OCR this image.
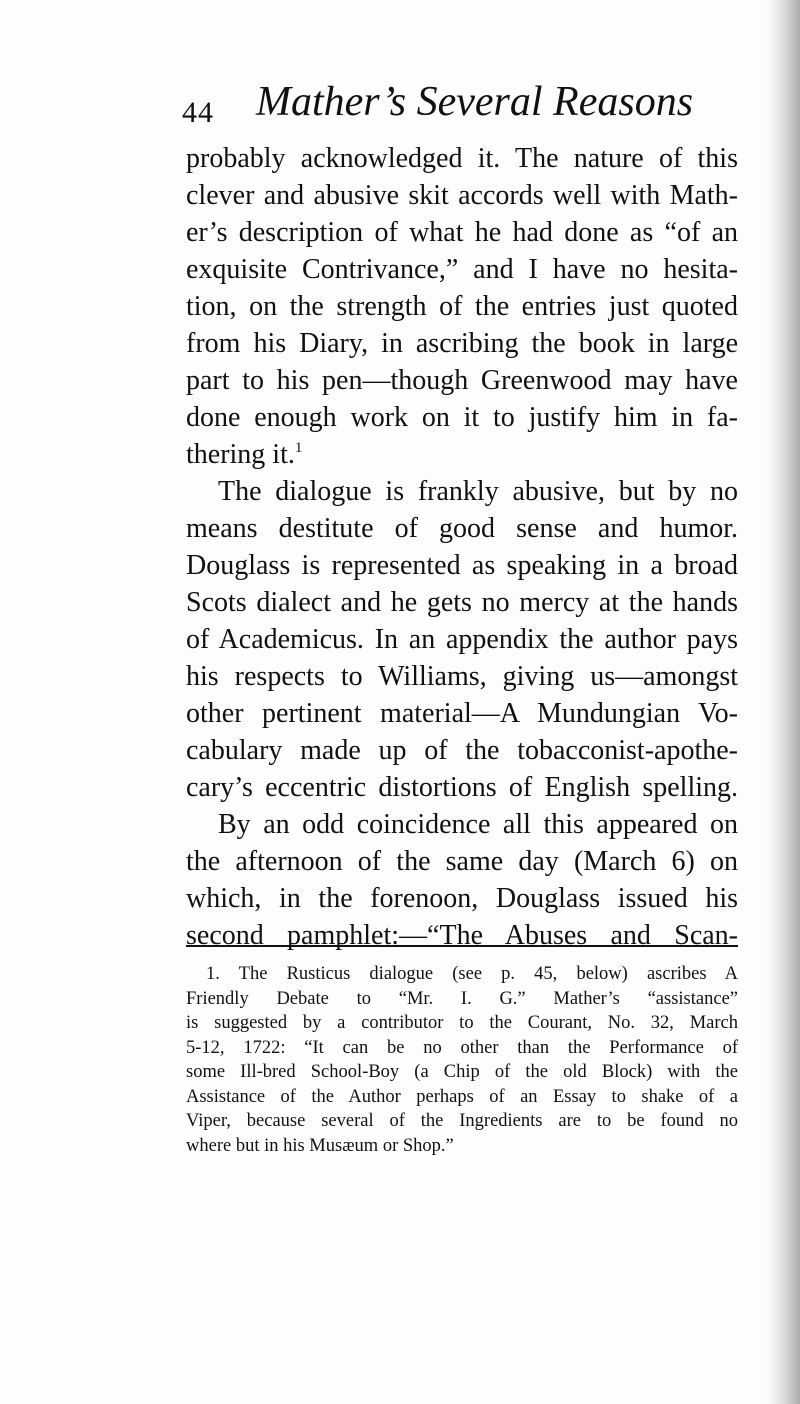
44 Mather’s Several Reasons
probably acknowledged it. The nature of this
clever and abusive skit accords well with Math-
er’s description of what he had done as “of an
exquisite Contrivance,” and I have no hesita-
tion, on the strength of the entries just quoted
from his Diary, in ascribing the book in large
part to his pen—though Greenwood may have
done enough work on it to justify him in fa-
thering it.$^1$
The dialogue is frankly abusive, but by no
means destitute of good sense and humor.
Douglass is represented as speaking in a broad
Scots dialect and he gets no mercy at the hands
of Academicus. In an appendix the author pays
his respects to Williams, giving us—amongst
other pertinent material—A Mundungian Vo-
cabulary made up of the tobacconist-apothe-
cary’s eccentric distortions of English spelling.
By an odd coincidence all this appeared on
the afternoon of the same day (March 6) on
which, in the forenoon, Douglass issued his
second pamphlet:—“The Abuses and Scan-
1. The Rusticus dialogue (see p. 45, below) ascribes A
Friendly Debate to “Mr. I. G.” Mather’s “assistance”
is suggested by a contributor to the Courant, No. 32, March
5-12, 1722: “It can be no other than the Performance of
some Ill-bred School-Boy (a Chip of the old Block) with the
Assistance of the Author perhaps of an Essay to shake of a
Viper, because several of the Ingredients are to be found no
where but in his Musæum or Shop.”
